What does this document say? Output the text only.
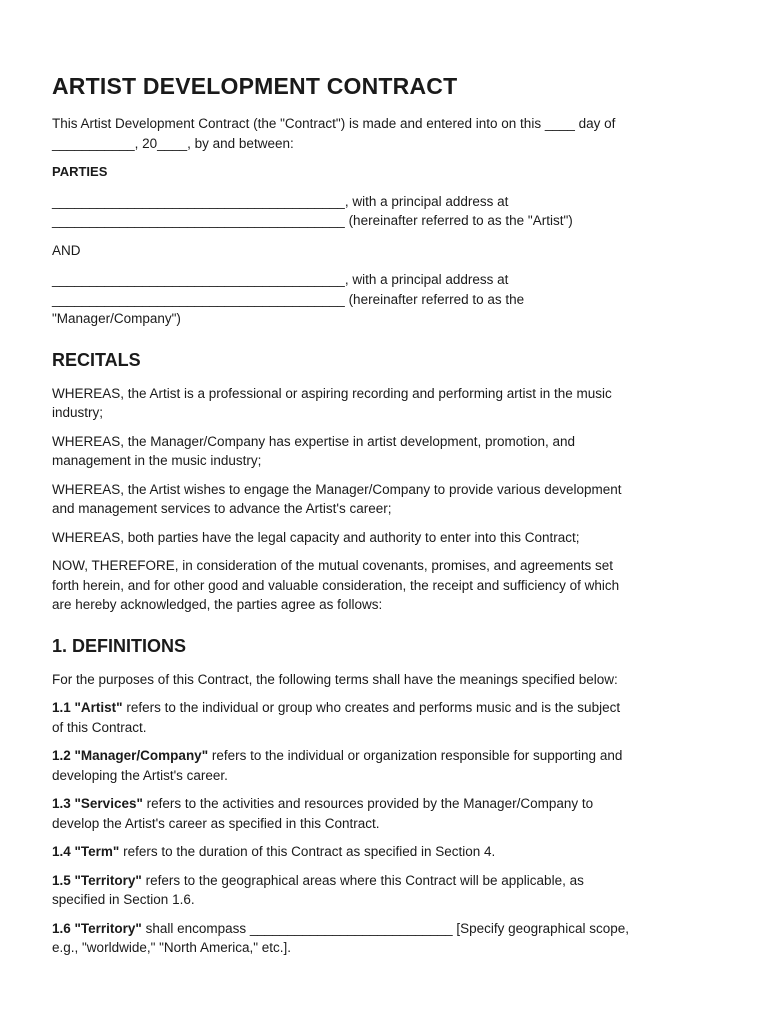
ARTIST DEVELOPMENT CONTRACT

This Artist Development Contract (the "Contract") is made and entered into on this ____ day of
___________, 20____, by and between:

PARTIES

_______________________________________, with a principal address at
_______________________________________ (hereinafter referred to as the "Artist")

AND

_______________________________________, with a principal address at
_______________________________________ (hereinafter referred to as the
"Manager/Company")

RECITALS

WHEREAS, the Artist is a professional or aspiring recording and performing artist in the music
industry;

WHEREAS, the Manager/Company has expertise in artist development, promotion, and
management in the music industry;

WHEREAS, the Artist wishes to engage the Manager/Company to provide various development
and management services to advance the Artist's career;

WHEREAS, both parties have the legal capacity and authority to enter into this Contract;

NOW, THEREFORE, in consideration of the mutual covenants, promises, and agreements set
forth herein, and for other good and valuable consideration, the receipt and sufficiency of which
are hereby acknowledged, the parties agree as follows:

1. DEFINITIONS

For the purposes of this Contract, the following terms shall have the meanings specified below:

1.1 "Artist" refers to the individual or group who creates and performs music and is the subject
of this Contract.

1.2 "Manager/Company" refers to the individual or organization responsible for supporting and
developing the Artist's career.

1.3 "Services" refers to the activities and resources provided by the Manager/Company to
develop the Artist's career as specified in this Contract.

1.4 "Term" refers to the duration of this Contract as specified in Section 4.

1.5 "Territory" refers to the geographical areas where this Contract will be applicable, as
specified in Section 1.6.

1.6 "Territory" shall encompass ___________________________ [Specify geographical scope,
e.g., "worldwide," "North America," etc.].
